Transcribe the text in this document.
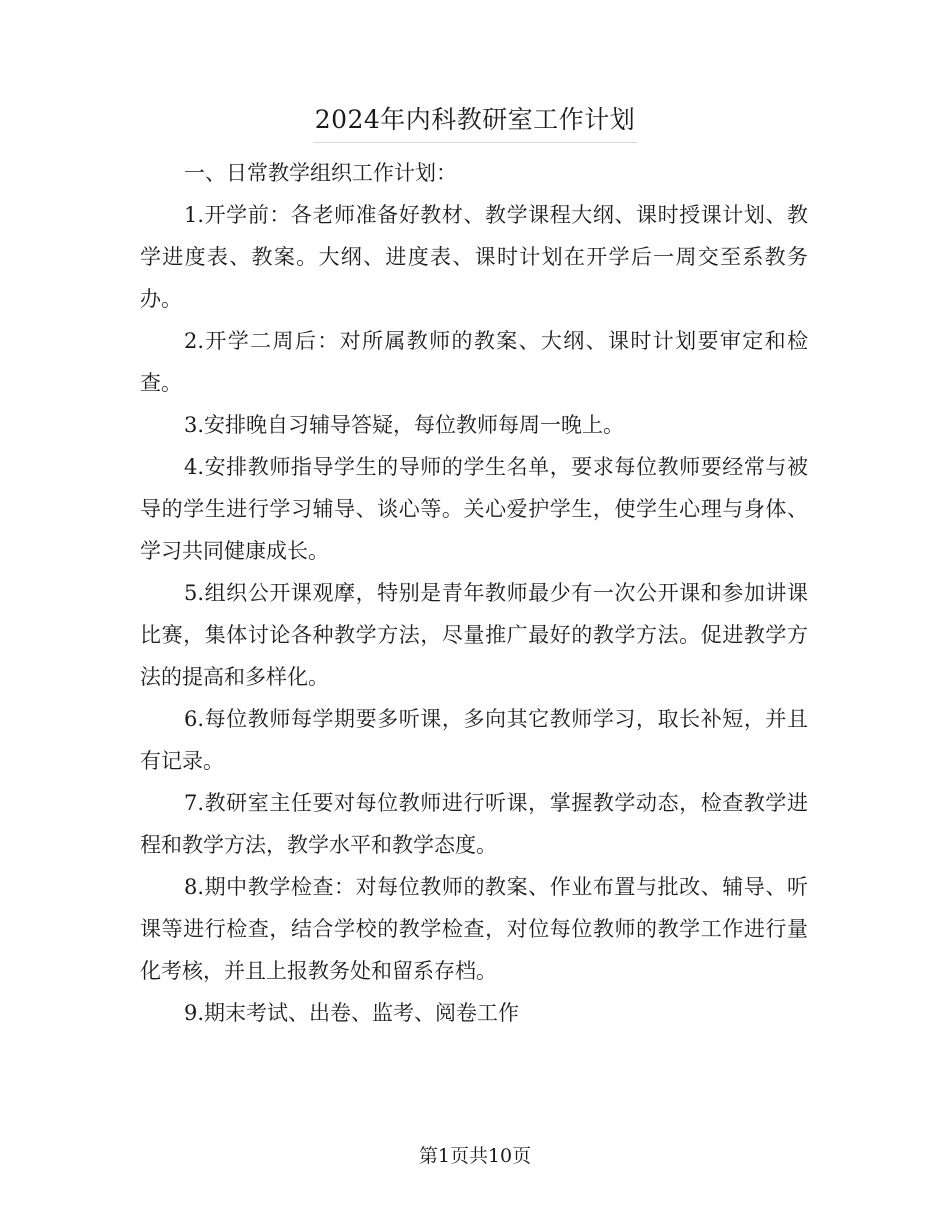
2024年内科教研室工作计划

一、日常教学组织工作计划：

1.开学前：各老师准备好教材、教学课程大纲、课时授课计划、教学进度表、教案。大纲、进度表、课时计划在开学后一周交至系教务办。

2.开学二周后：对所属教师的教案、大纲、课时计划要审定和检查。

3.安排晚自习辅导答疑，每位教师每周一晚上。

4.安排教师指导学生的导师的学生名单，要求每位教师要经常与被导的学生进行学习辅导、谈心等。关心爱护学生，使学生心理与身体、学习共同健康成长。

5.组织公开课观摩，特别是青年教师最少有一次公开课和参加讲课比赛，集体讨论各种教学方法，尽量推广最好的教学方法。促进教学方法的提高和多样化。

6.每位教师每学期要多听课，多向其它教师学习，取长补短，并且有记录。

7.教研室主任要对每位教师进行听课，掌握教学动态，检查教学进程和教学方法，教学水平和教学态度。

8.期中教学检查：对每位教师的教案、作业布置与批改、辅导、听课等进行检查，结合学校的教学检查，对位每位教师的教学工作进行量化考核，并且上报教务处和留系存档。

9.期末考试、出卷、监考、阅卷工作

第1页共10页
